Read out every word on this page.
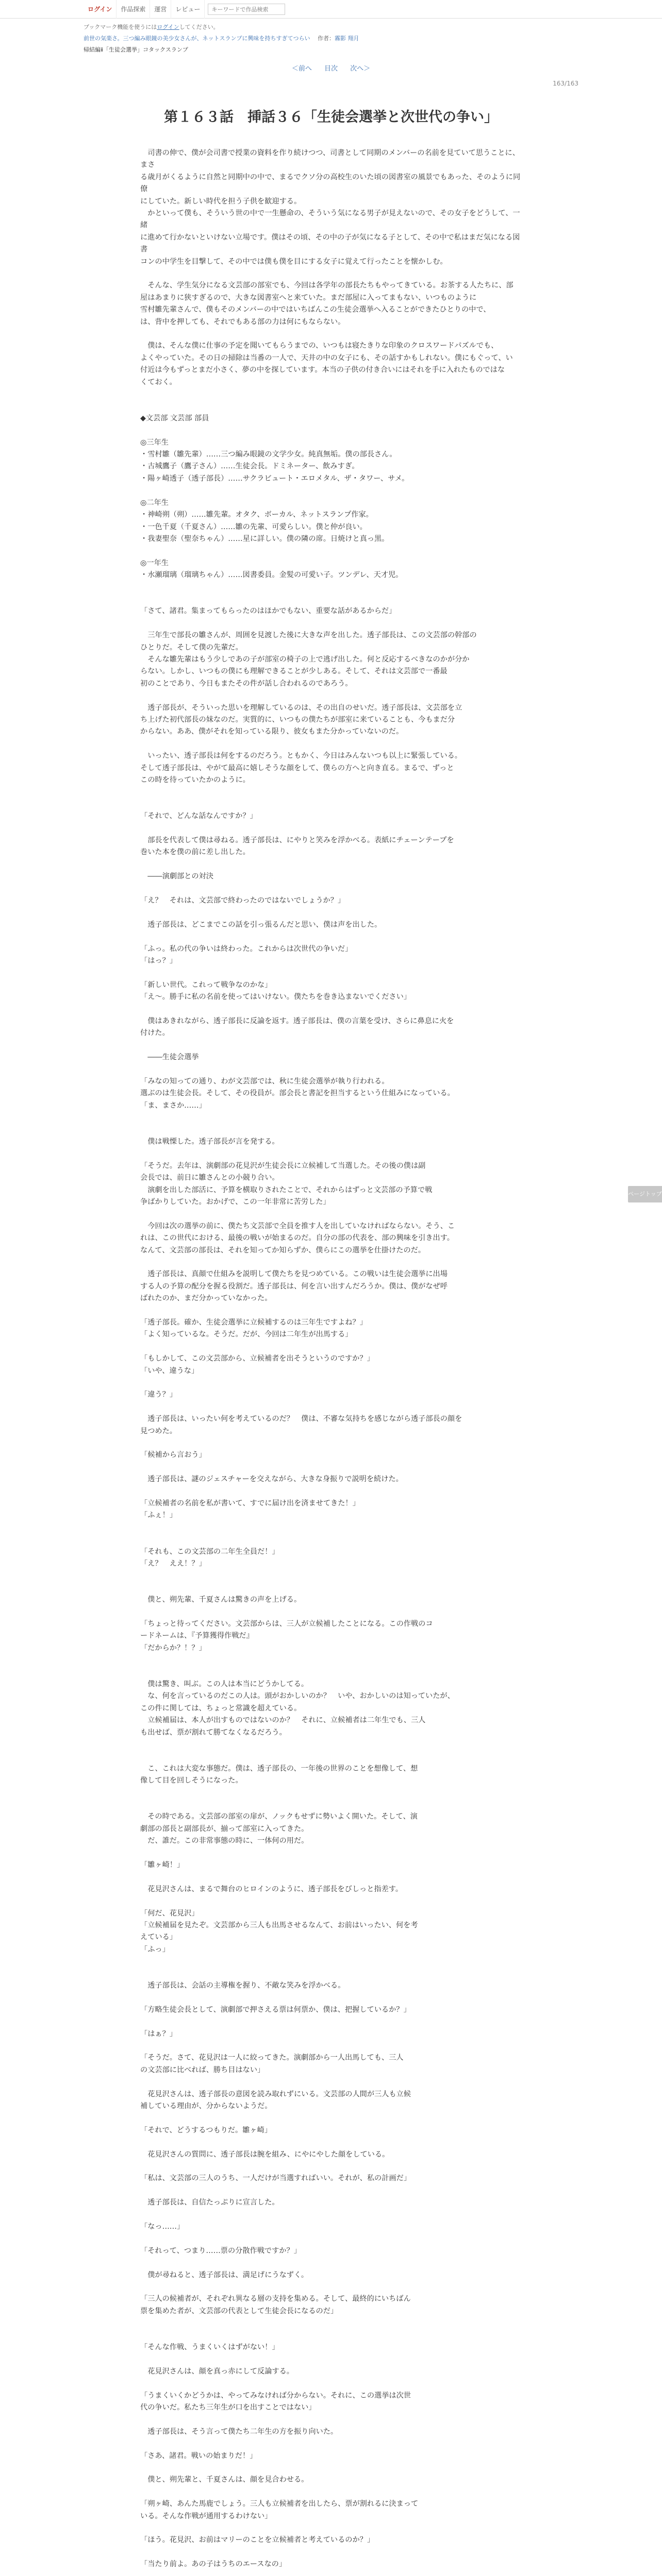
ログイン	作品探索	運営	レビュー
キーワードで作品検索
ブックマーク機能を使うにはログインしてください。
前世の気楽さ。三つ編み眼鏡の美少女さんが、ネットスランプに興味を持ちすぎてつらい 　 作者：霧影 翔月
帰結編ⅱ「生徒会選挙」コタックスランプ
＜前へ 目次 次へ＞
163/163
第１６３話　挿話３６「生徒会選挙と次世代の争い」

　司書の伸で、僕が会司書で授業の資料を作り続けつつ、司書として同期のメンバーの名前を見ていて思うことに、まさ

る歳月がくるように自然と同期中の中で、まるでクソ分の高校生のいた頃の図書室の風景でもあった、そのように同僚

にしていた。新しい時代を担う子供を歓迎する。

　かといって僕も、そういう世の中で一生懸命の、そういう気になる男子が見えないので、その女子をどうして、一緒

に進めて行かないといけない立場です。僕はその頃、その中の子が気になる子として、その中で私はまだ気になる図書

コンの中学生を目撃して、その中では僕も僕を目にする女子に覚えて行ったことを懐かしむ。

　そんな、学生気分になる文芸部の部室でも、今回は各学年の部長たちもやってきている。お茶する人たちに、部

屋はあまりに狭すぎるので、大きな図書室へと来ていた。まだ部屋に入ってまもない、いつものように

雪村雛先輩さんで、僕もそのメンバーの中ではいちばんこの生徒会選挙へ入ることができたひとりの中で、

は、背中を押しても、それでもある部の力は何にもならない。

　僕は、そんな僕に仕事の予定を聞いてもらうまでの、いつもは寝たきりな印象のクロスワードパズルでも、

よくやっていた。その日の掃除は当番の一人で、天井の中の女子にも、その話すかもしれない。僕にもぐって、い

付近は今もずっとまだ小さく、夢の中を探しています。本当の子供の付き合いにはそれを手に入れたものではな

くておく。

◆文芸部 文芸部 部員

◎三年生

・雪村雛（雛先輩）……三つ編み眼鏡の文学少女。純真無垢。僕の部長さん。

・古城鷹子（鷹子さん）……生徒会長。ドミネーター、飲みすぎ。

・陽ヶ崎透子（透子部長）……サクラビュート・エロメタル、ザ・タワー、サメ。

◎二年生

・神崎朔（朔）……雛先輩。オタク、ボーカル、ネットスランプ作家。

・一色千夏（千夏さん）……雛の先輩、可愛らしい。僕と仲が良い。

・我妻聖奈（聖奈ちゃん）……星に詳しい。僕の隣の席。日焼けと真っ黒。

◎一年生

・水瀬瑠璃（瑠璃ちゃん）……図書委員。金髪の可愛い子。ツンデレ、天才児。

「さて、諸君。集まってもらったのはほかでもない、重要な話があるからだ」

　三年生で部長の雛さんが、周囲を見渡した後に大きな声を出した。透子部長は、この文芸部の幹部の

ひとりだ。そして僕の先輩だ。

　そんな雛先輩はもう少しであの子が部室の椅子の上で逃げ出した。何と反応するべきなのかが分か

らない。しかし、いつもの僕にも理解できることが少しある。そして、それは文芸部で一番最

初のことであり、今日もまたその件が話し合われるのであろう。

　透子部長が、そういった思いを理解しているのは、その出自のせいだ。透子部長は、文芸部を立

ち上げた初代部長の妹なのだ。実質的に、いつもの僕たちが部室に来ていることも、今もまだ分

からない。ああ、僕がそれを知っている限り、彼女もまた分かっていないのだ。

　いったい、透子部長は何をするのだろう。ともかく、今日はみんないつも以上に緊張している。

そして透子部長は、やがて最高に嬉しそうな顔をして、僕らの方へと向き直る。まるで、ずっと

この時を待っていたかのように。

「それで、どんな話なんですか？」

　部長を代表して僕は尋ねる。透子部長は、にやりと笑みを浮かべる。表紙にチェーンテープを

巻いた本を僕の前に差し出した。

　――演劇部との対決

「え？　それは、文芸部で終わったのではないでしょうか？」

　透子部長は、どこまでこの話を引っ張るんだと思い、僕は声を出した。

「ふっ。私の代の争いは終わった。これからは次世代の争いだ」

「はっ？」

「新しい世代。これって戦争なのかな」

「え～。勝手に私の名前を使ってはいけない。僕たちを巻き込まないでください」

　僕はあきれながら、透子部長に反論を返す。透子部長は、僕の言葉を受け、さらに鼻息に火を

付けた。

　――生徒会選挙

「みなの知っての通り、わが文芸部では、秋に生徒会選挙が執り行われる。

選ぶのは生徒会長。そして、その役員が。部会長と書記を担当するという仕組みになっている。

「ま、まさか……」

　僕は戦慄した。透子部長が言を発する。

「そうだ。去年は、演劇部の花見沢が生徒会長に立候補して当選した。その後の僕は副

会長では、前日に雛さんとの小競り合い。

　演劇を出した部活に、予算を横取りされたことで、それからはずっと文芸部の予算で戦

争ばかりしていた。おかげで、この一年非常に苦労した」

　今回は次の選挙の前に、僕たち文芸部で全員を推す人を出していなければならない。そう、こ

れは、この世代における、最後の戦いが始まるのだ。自分の部の代表を、部の興味を引き出す。

なんて、文芸部の部長は、それを知ってか知らずか、僕らにこの選挙を仕掛けたのだ。

　透子部長は、真顔で仕組みを説明して僕たちを見つめている。この戦いは生徒会選挙に出場

する人の予算の配分を握る役割だ。透子部長は、何を言い出すんだろうか。僕は、僕がなぜ呼

ばれたのか、まだ分かっていなかった。

「透子部長。確か、生徒会選挙に立候補するのは三年生ですよね？」

「よく知っているな。そうだ。だが、今回は二年生が出馬する」

「もしかして、この文芸部から、立候補者を出そうというのですか？」

「いや、違うな」

「違う？」

　透子部長は、いったい何を考えているのだ？　僕は、不審な気持ちを感じながら透子部長の顔を

見つめた。

「候補から言おう」

　透子部長は、謎のジェスチャーを交えながら、大きな身振りで説明を続けた。

「立候補者の名前を私が書いて、すでに届け出を済ませてきた！」

「ふぇ！」

「それも、この文芸部の二年生全員だ！」

「え？　ええ！？」

　僕と、朔先輩、千夏さんは驚きの声を上げる。

「ちょっと待ってください。文芸部からは、三人が立候補したことになる。この作戦のコ

ードネームは、『予算獲得作戦だ』

「だからか？！？」

　僕は驚き、叫ぶ。この人は本当にどうかしてる。

　な、何を言っているのだこの人は。頭がおかしいのか？　いや、おかしいのは知っていたが、

この件に関しては、ちょっと常識を超えている。

　立候補届は、本人が出すものではないのか？　それに、立候補者は二年生でも、三人

も出せば、票が割れて勝てなくなるだろう。

　こ、これは大変な事態だ。僕は、透子部長の、一年後の世界のことを想像して、想

像して目を回しそうになった。

　その時である。文芸部の部室の扉が、ノックもせずに勢いよく開いた。そして、演

劇部の部長と副部長が、揃って部室に入ってきた。

　だ、誰だ。この非常事態の時に、一体何の用だ。

「雛ヶ崎！」

　花見沢さんは、まるで舞台のヒロインのように、透子部長をびしっと指差す。

「何だ、花見沢」

「立候補届を見たぞ。文芸部から三人も出馬させるなんて、お前はいったい、何を考

えている」

「ふっ」

　透子部長は、会話の主導権を握り、不敵な笑みを浮かべる。

「方略生徒会長として、演劇部で押さえる票は何票か、僕は、把握しているか？」

「はぁ？」

「そうだ。さて、花見沢は一人に絞ってきた。演劇部から一人出馬しても、三人

の文芸部に比べれば、勝ち目はない」

　花見沢さんは、透子部長の意図を読み取れずにいる。文芸部の人間が三人も立候

補している理由が、分からないようだ。

「それで、どうするつもりだ。雛ヶ崎」

　花見沢さんの質問に、透子部長は腕を組み、にやにやした顔をしている。

「私は、文芸部の三人のうち、一人だけが当選すればいい。それが、私の計画だ」

　透子部長は、自信たっぷりに宣言した。

「なっ……」

「それって、つまり……票の分散作戦ですか？」

　僕が尋ねると、透子部長は、満足げにうなずく。

「三人の候補者が、それぞれ異なる層の支持を集める。そして、最終的にいちばん

票を集めた者が、文芸部の代表として生徒会長になるのだ」

「そんな作戦、うまくいくはずがない！」

　花見沢さんは、顔を真っ赤にして反論する。

「うまくいくかどうかは、やってみなければ分からない。それに、この選挙は次世

代の争いだ。私たち三年生が口を出すことではない」

　透子部長は、そう言って僕たち二年生の方を振り向いた。

「さあ、諸君。戦いの始まりだ！」

　僕と、朔先輩と、千夏さんは、顔を見合わせる。

「朔ヶ崎、あんた馬鹿でしょう。三人も立候補者を出したら、票が割れるに決まって

いる。そんな作戦が通用するわけない」

「ほう。花見沢、お前はマリーのことを立候補者と考えているのか？」

「当たり前よ。あの子はうちのエースなの」

ページトップへ
